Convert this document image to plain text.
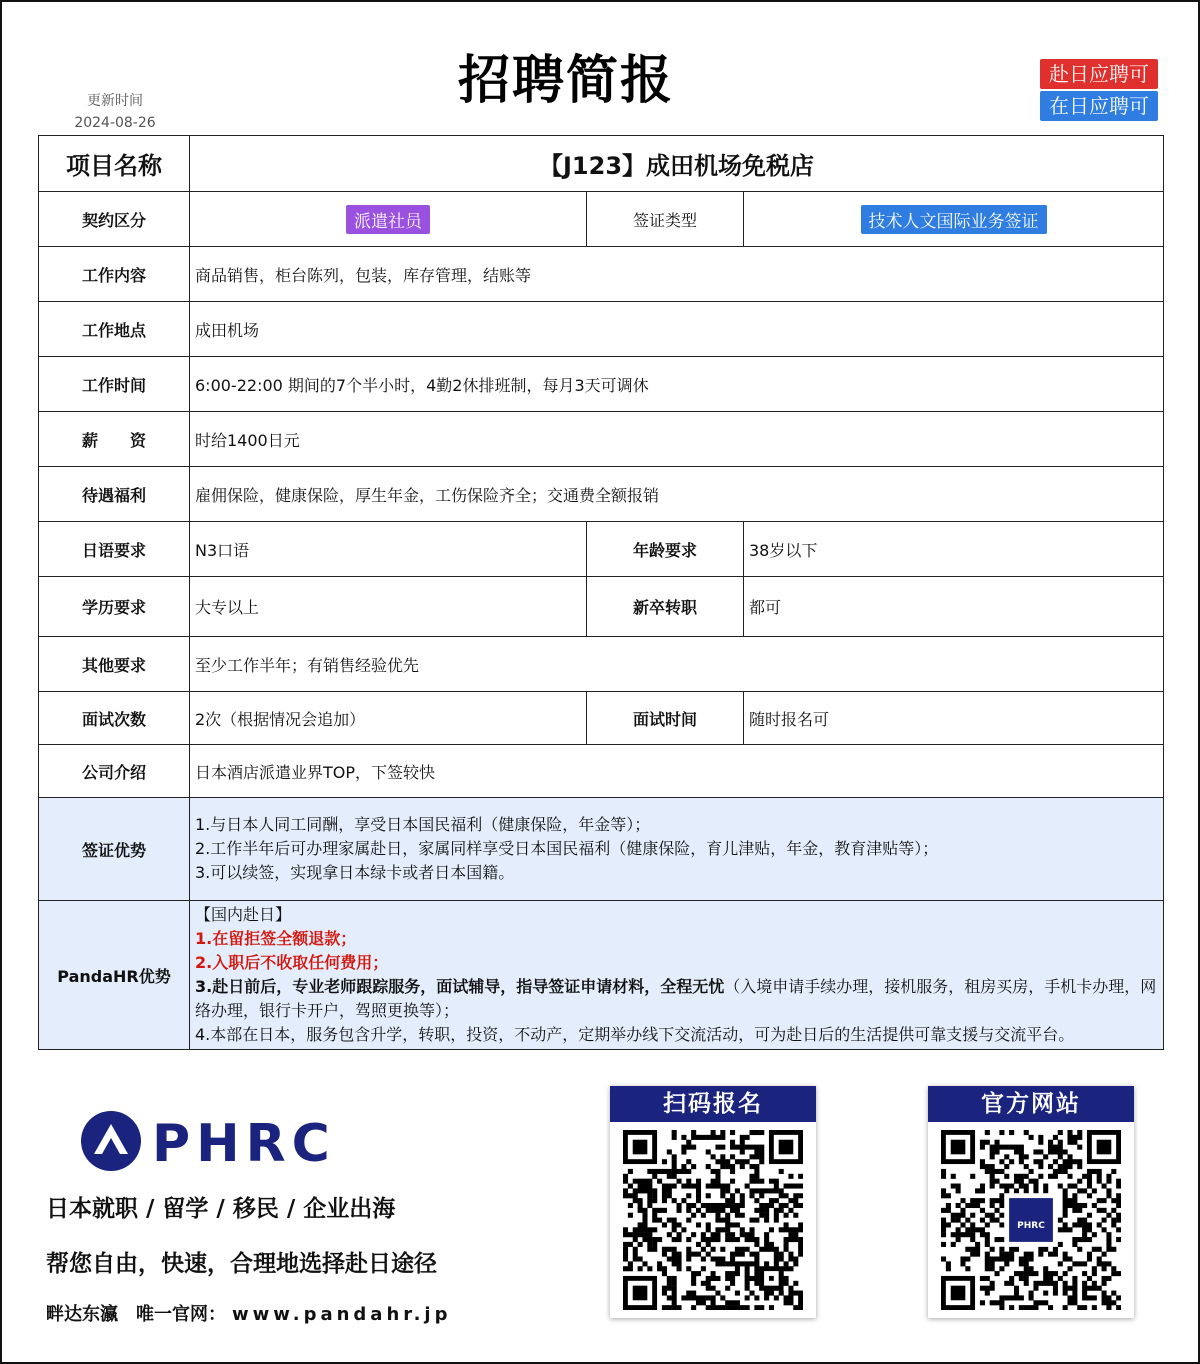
招聘简报
更新时间
2024-08-26
赴日应聘可
在日应聘可
项目名称	【J123】成田机场免税店		
契约区分	派遣社员	签证类型	技术人文国际业务签证
工作内容	商品销售，柜台陈列，包装，库存管理，结账等		
工作地点	成田机场		
工作时间	6:00-22:00 期间的7个半小时，4勤2休排班制，每月3天可调休		
薪　　资	时给1400日元		
待遇福利	雇佣保险，健康保险，厚生年金，工伤保险齐全；交通费全额报销		
日语要求	N3口语	年龄要求	38岁以下
学历要求	大专以上	新卒转职	都可
其他要求	至少工作半年；有销售经验优先		
面试次数	2次（根据情况会追加）	面试时间	随时报名可
公司介绍	日本酒店派遣业界TOP，下签较快		
签证优势	1.与日本人同工同酬，享受日本国民福利（健康保险，年金等）；
2.工作半年后可办理家属赴日，家属同样享受日本国民福利（健康保险，育儿津贴，年金，教育津贴等）；
3.可以续签，实现拿日本绿卡或者日本国籍。		

PandaHR优势	【国内赴日】
1.在留拒签全额退款；
2.入职后不收取任何费用；
3.赴日前后，专业老师跟踪服务，面试辅导，指导签证申请材料，全程无忧（入境申请手续办理，接机服务，租房买房，手机卡办理，网络办理，银行卡开户，驾照更换等）；
4.本部在日本，服务包含升学，转职，投资，不动产，定期举办线下交流活动，可为赴日后的生活提供可靠支援与交流平台。		
PHRC
日本就职 / 留学 / 移民 / 企业出海
帮您自由，快速，合理地选择赴日途径
畔达东瀛　唯一官网： www.pandahr.jp
扫码报名	官方网站
PHRC
